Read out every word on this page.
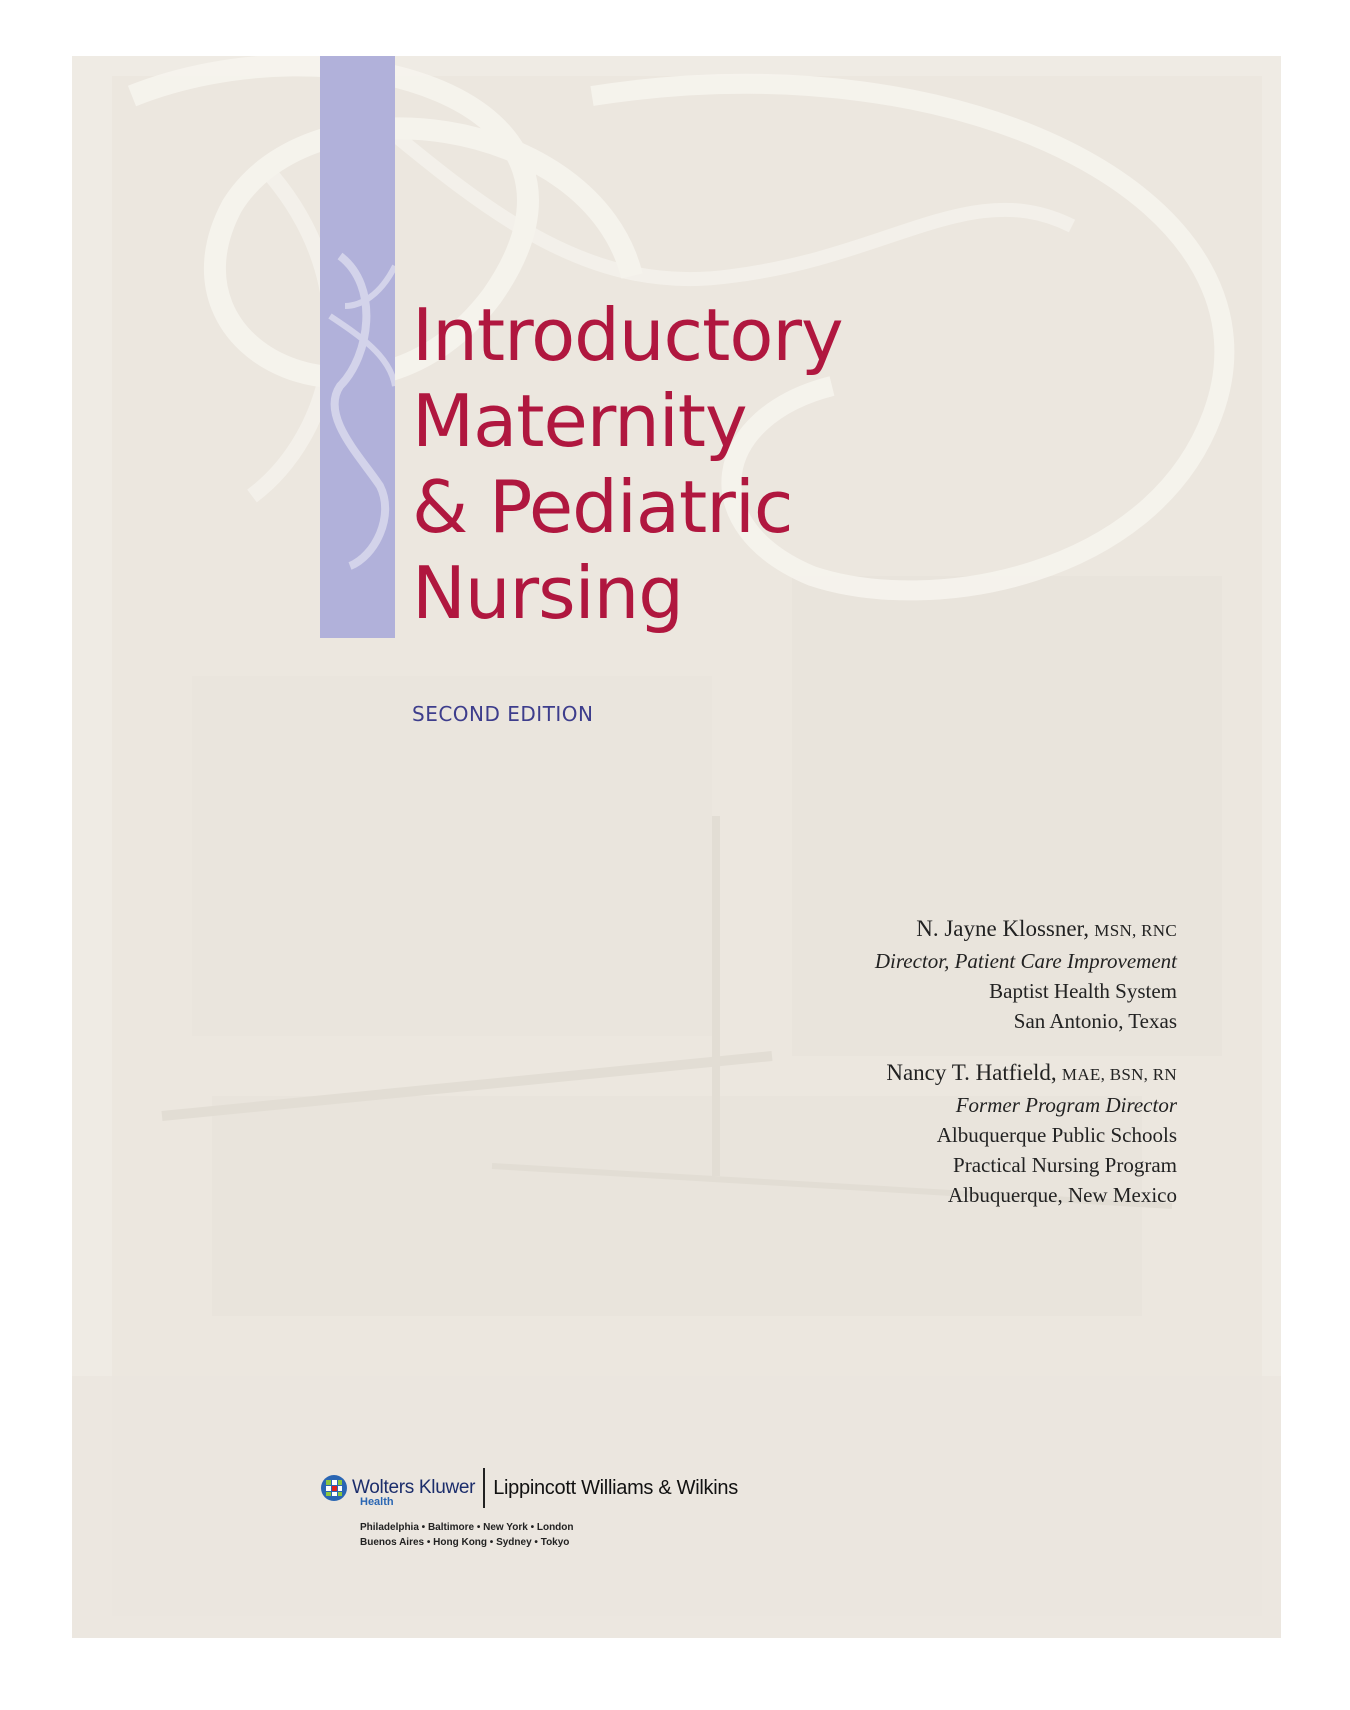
Introductory
Maternity
& Pediatric
Nursing
SECOND EDITION
N. Jayne Klossner, MSN, RNC
Director, Patient Care Improvement
Baptist Health System
San Antonio, Texas
Nancy T. Hatfield, MAE, BSN, RN
Former Program Director
Albuquerque Public Schools
Practical Nursing Program
Albuquerque, New Mexico
Wolters Kluwer Lippincott Williams & Wilkins
Health
Philadelphia • Baltimore • New York • London
Buenos Aires • Hong Kong • Sydney • Tokyo
